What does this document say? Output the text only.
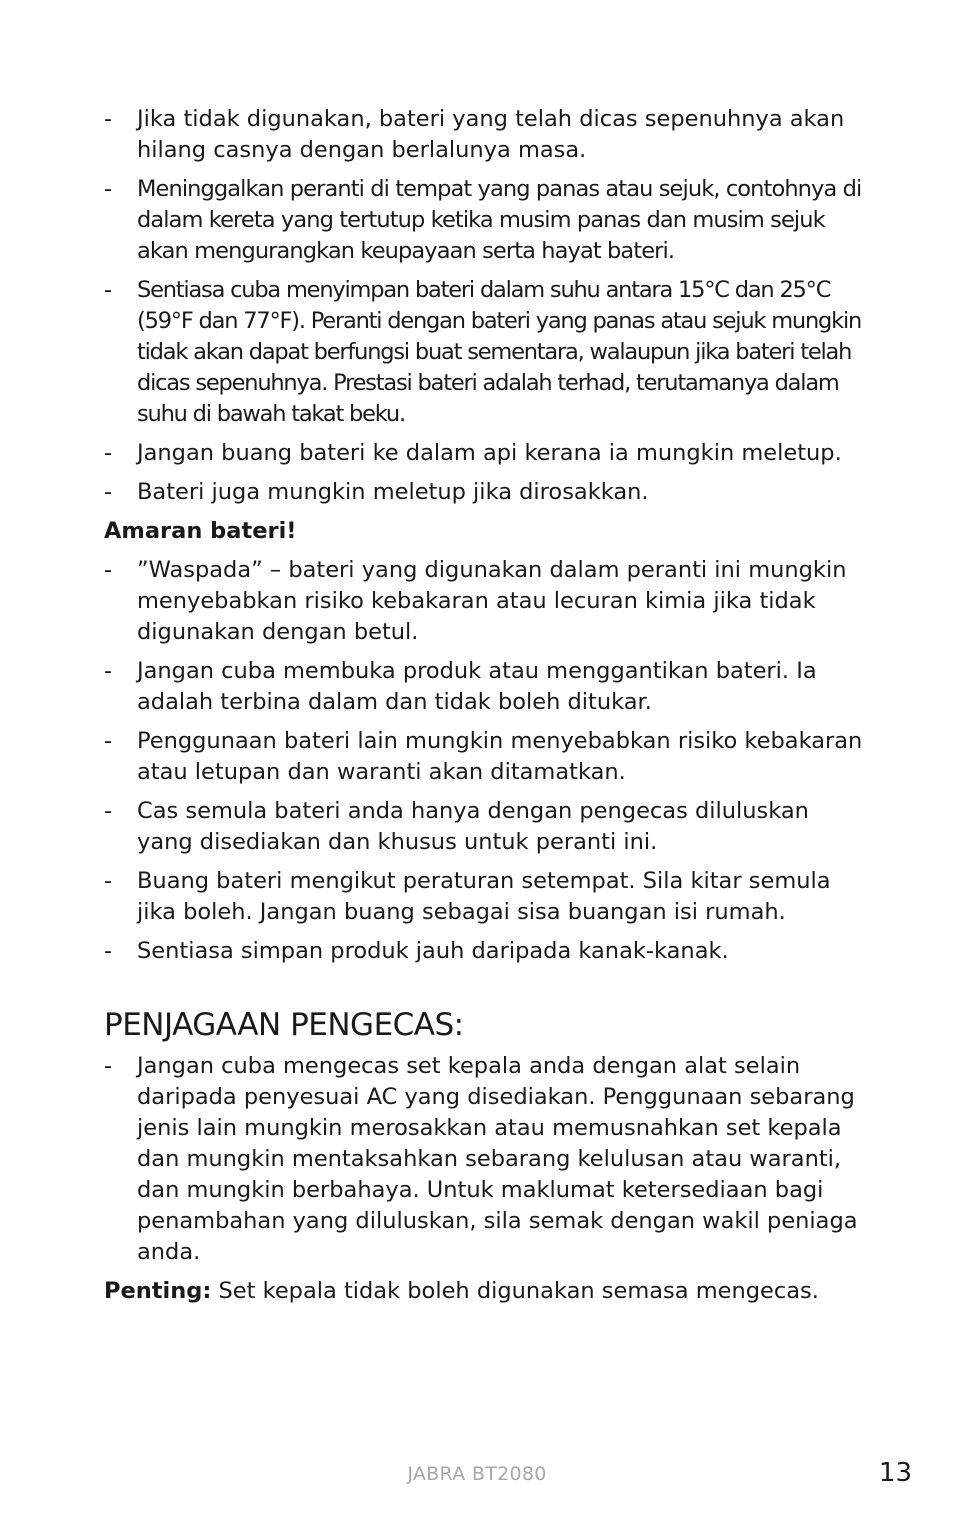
- Jika tidak digunakan, bateri yang telah dicas sepenuhnya akan hilang casnya dengan berlalunya masa.
- Meninggalkan peranti di tempat yang panas atau sejuk, contohnya di dalam kereta yang tertutup ketika musim panas dan musim sejuk akan mengurangkan keupayaan serta hayat bateri.
- Sentiasa cuba menyimpan bateri dalam suhu antara 15°C dan 25°C (59°F dan 77°F). Peranti dengan bateri yang panas atau sejuk mungkin tidak akan dapat berfungsi buat sementara, walaupun jika bateri telah dicas sepenuhnya. Prestasi bateri adalah terhad, terutamanya dalam suhu di bawah takat beku.
- Jangan buang bateri ke dalam api kerana ia mungkin meletup.
- Bateri juga mungkin meletup jika dirosakkan.
Amaran bateri!
- ”Waspada” – bateri yang digunakan dalam peranti ini mungkin menyebabkan risiko kebakaran atau lecuran kimia jika tidak digunakan dengan betul.
- Jangan cuba membuka produk atau menggantikan bateri. Ia adalah terbina dalam dan tidak boleh ditukar.
- Penggunaan bateri lain mungkin menyebabkan risiko kebakaran atau letupan dan waranti akan ditamatkan.
- Cas semula bateri anda hanya dengan pengecas diluluskan yang disediakan dan khusus untuk peranti ini.
- Buang bateri mengikut peraturan setempat. Sila kitar semula jika boleh. Jangan buang sebagai sisa buangan isi rumah.
- Sentiasa simpan produk jauh daripada kanak-kanak.
PENJAGAAN PENGECAS:
- Jangan cuba mengecas set kepala anda dengan alat selain daripada penyesuai AC yang disediakan. Penggunaan sebarang jenis lain mungkin merosakkan atau memusnahkan set kepala dan mungkin mentaksahkan sebarang kelulusan atau waranti, dan mungkin berbahaya. Untuk maklumat ketersediaan bagi penambahan yang diluluskan, sila semak dengan wakil peniaga anda.

Penting: Set kepala tidak boleh digunakan semasa mengecas.

JABRA BT2080	13
